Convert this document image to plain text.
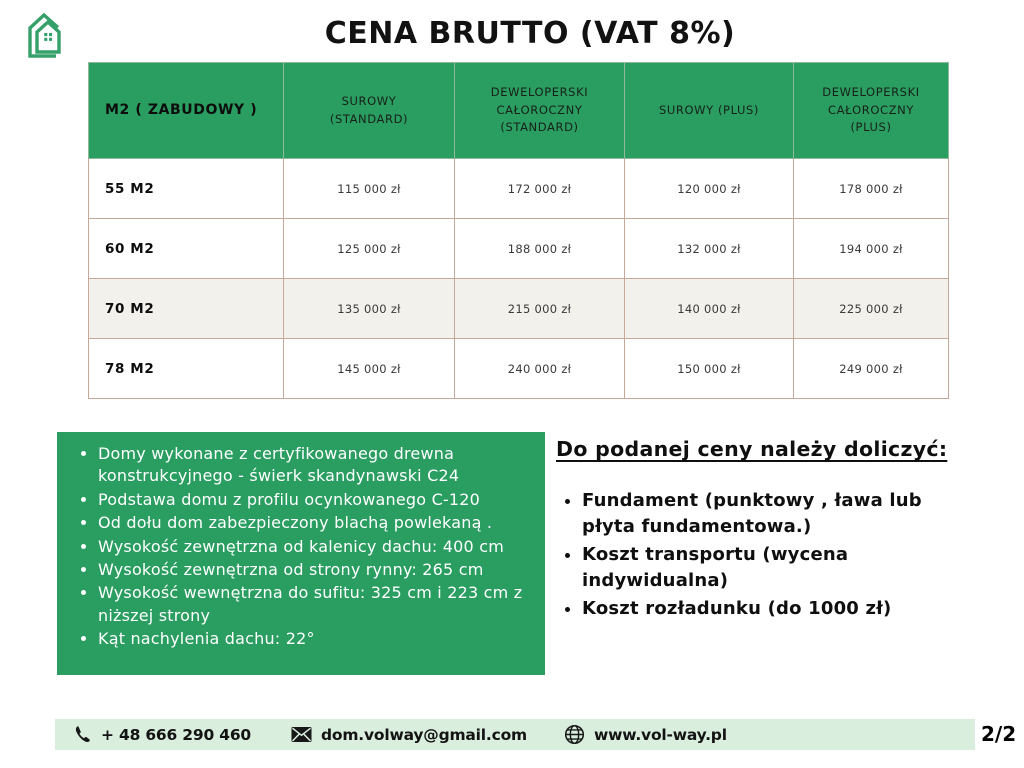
CENA BRUTTO (VAT 8%)
M2 ( ZABUDOWY )	SUROWY (STANDARD)	DEWELOPERSKI CAŁOROCZNY (STANDARD)	SUROWY (PLUS)	DEWELOPERSKI CAŁOROCZNY (PLUS)
55 M2	115 000 zł	172 000 zł	120 000 zł	178 000 zł
60 M2	125 000 zł	188 000 zł	132 000 zł	194 000 zł
70 M2	135 000 zł	215 000 zł	140 000 zł	225 000 zł
78 M2	145 000 zł	240 000 zł	150 000 zł	249 000 zł
• Domy wykonane z certyfikowanego drewna konstrukcyjnego - świerk skandynawski C24
• Podstawa domu z profilu ocynkowanego C-120
• Od dołu dom zabezpieczony blachą powlekaną .
• Wysokość zewnętrzna od kalenicy dachu: 400 cm
• Wysokość zewnętrzna od strony rynny: 265 cm
• Wysokość wewnętrzna do sufitu: 325 cm i 223 cm z niższej strony
• Kąt nachylenia dachu: 22°
Do podanej ceny należy doliczyć:
• Fundament (punktowy , ława lub płyta fundamentowa.)
• Koszt transportu (wycena indywidualna)
• Koszt rozładunku (do 1000 zł)
+ 48 666 290 460	dom.volway@gmail.com	www.vol-way.pl	2/2
